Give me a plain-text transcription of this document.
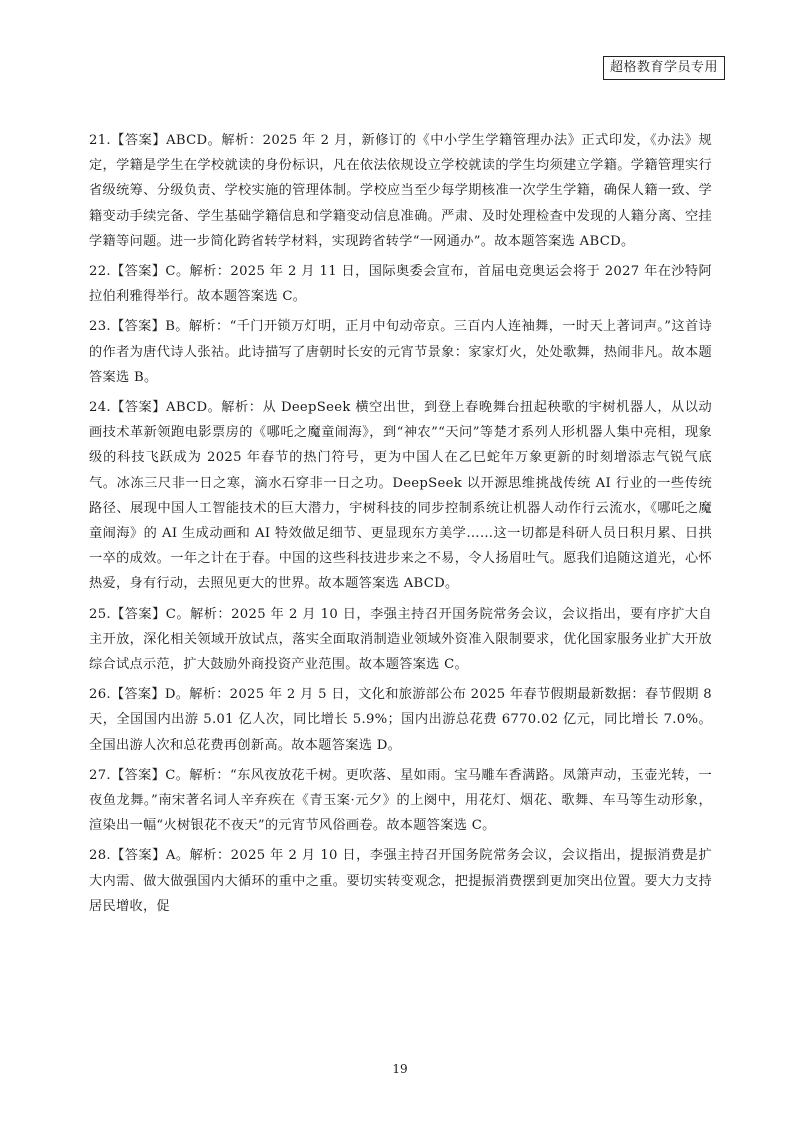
超格教育学员专用

21.【答案】ABCD。解析：2025 年 2 月，新修订的《中小学生学籍管理办法》正式印发，《办法》规定，学籍是学生在学校就读的身份标识，凡在依法依规设立学校就读的学生均须建立学籍。学籍管理实行省级统筹、分级负责、学校实施的管理体制。学校应当至少每学期核准一次学生学籍，确保人籍一致、学籍变动手续完备、学生基础学籍信息和学籍变动信息准确。严肃、及时处理检查中发现的人籍分离、空挂学籍等问题。进一步简化跨省转学材料，实现跨省转学“一网通办”。故本题答案选 ABCD。

22.【答案】C。解析：2025 年 2 月 11 日，国际奥委会宣布，首届电竞奥运会将于 2027 年在沙特阿拉伯利雅得举行。故本题答案选 C。

23.【答案】B。解析：“千门开锁万灯明，正月中旬动帝京。三百内人连袖舞，一时天上著词声。”这首诗的作者为唐代诗人张祜。此诗描写了唐朝时长安的元宵节景象：家家灯火，处处歌舞，热闹非凡。故本题答案选 B。

24.【答案】ABCD。解析：从 DeepSeek 横空出世，到登上春晚舞台扭起秧歌的宇树机器人，从以动画技术革新领跑电影票房的《哪吒之魔童闹海》，到“神农”“天问”等楚才系列人形机器人集中亮相，现象级的科技飞跃成为 2025 年春节的热门符号，更为中国人在乙巳蛇年万象更新的时刻增添志气锐气底气。冰冻三尺非一日之寒，滴水石穿非一日之功。DeepSeek 以开源思维挑战传统 AI 行业的一些传统路径、展现中国人工智能技术的巨大潜力，宇树科技的同步控制系统让机器人动作行云流水，《哪吒之魔童闹海》的 AI 生成动画和 AI 特效做足细节、更显现东方美学……这一切都是科研人员日积月累、日拱一卒的成效。一年之计在于春。中国的这些科技进步来之不易，令人扬眉吐气。愿我们追随这道光，心怀热爱，身有行动，去照见更大的世界。故本题答案选 ABCD。

25.【答案】C。解析：2025 年 2 月 10 日，李强主持召开国务院常务会议，会议指出，要有序扩大自主开放，深化相关领域开放试点，落实全面取消制造业领域外资准入限制要求，优化国家服务业扩大开放综合试点示范，扩大鼓励外商投资产业范围。故本题答案选 C。

26.【答案】D。解析：2025 年 2 月 5 日，文化和旅游部公布 2025 年春节假期最新数据：春节假期 8 天，全国国内出游 5.01 亿人次，同比增长 5.9%；国内出游总花费 6770.02 亿元，同比增长 7.0%。全国出游人次和总花费再创新高。故本题答案选 D。

27.【答案】C。解析：“东风夜放花千树。更吹落、星如雨。宝马雕车香满路。凤箫声动，玉壶光转，一夜鱼龙舞。”南宋著名词人辛弃疾在《青玉案·元夕》的上阕中，用花灯、烟花、歌舞、车马等生动形象，渲染出一幅“火树银花不夜天”的元宵节风俗画卷。故本题答案选 C。

28.【答案】A。解析：2025 年 2 月 10 日，李强主持召开国务院常务会议，会议指出，提振消费是扩大内需、做大做强国内大循环的重中之重。要切实转变观念，把提振消费摆到更加突出位置。要大力支持居民增收，促

19
